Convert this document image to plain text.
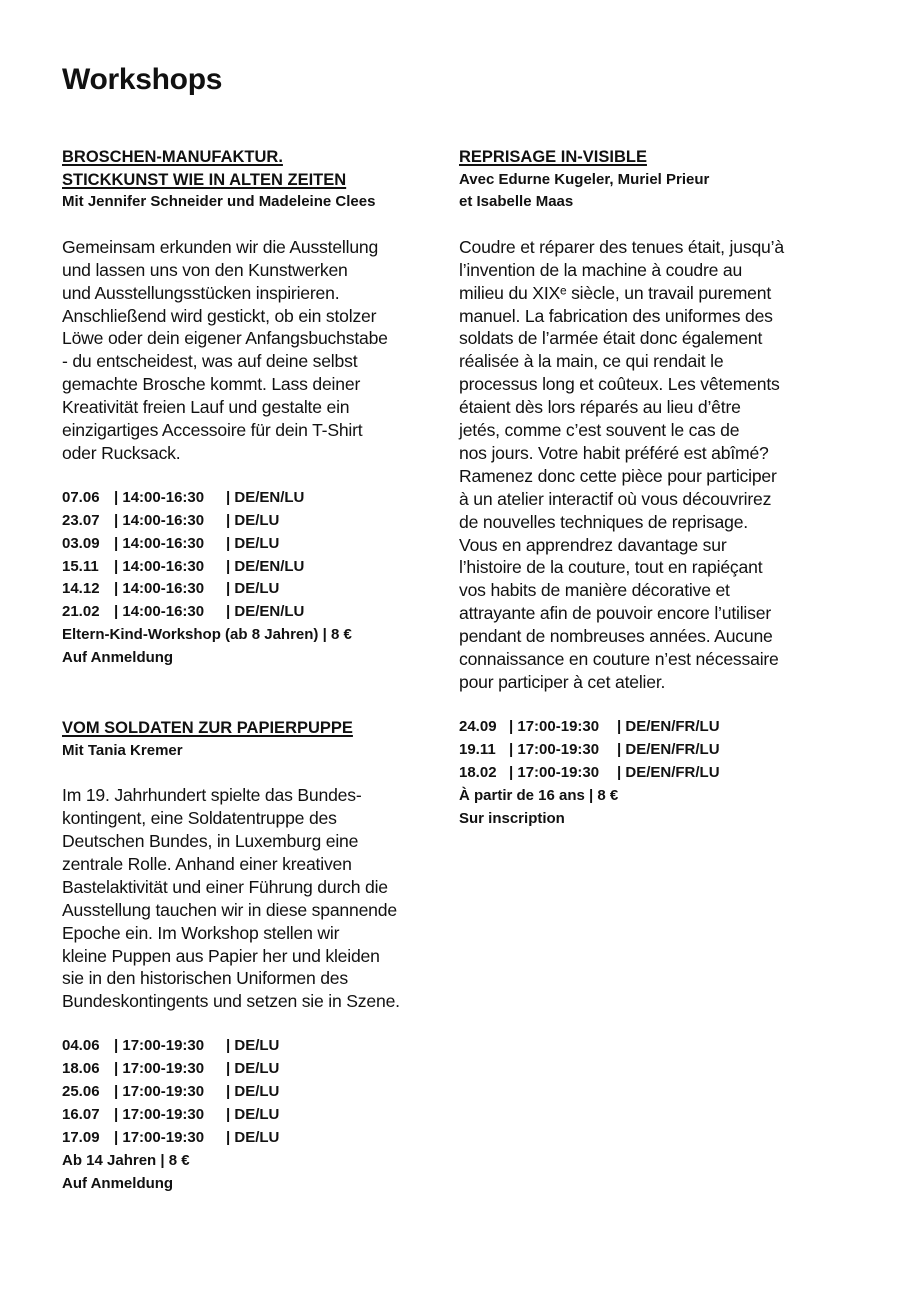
Workshops
BROSCHEN-MANUFAKTUR.
STICKKUNST WIE IN ALTEN ZEITEN
Mit Jennifer Schneider und Madeleine Clees
Gemeinsam erkunden wir die Ausstellung
und lassen uns von den Kunstwerken
und Ausstellungsstücken inspirieren.
Anschließend wird gestickt, ob ein stolzer
Löwe oder dein eigener Anfangsbuchstabe
- du entscheidest, was auf deine selbst
gemachte Brosche kommt. Lass deiner
Kreativität freien Lauf und gestalte ein
einzigartiges Accessoire für dein T-Shirt
oder Rucksack.
07.06 | 14:00-16:30 | DE/EN/LU
23.07 | 14:00-16:30 | DE/LU
03.09 | 14:00-16:30 | DE/LU
15.11 | 14:00-16:30 | DE/EN/LU
14.12 | 14:00-16:30 | DE/LU
21.02 | 14:00-16:30 | DE/EN/LU
Eltern-Kind-Workshop (ab 8 Jahren) | 8 €
Auf Anmeldung
VOM SOLDATEN ZUR PAPIERPUPPE
Mit Tania Kremer
Im 19. Jahrhundert spielte das Bundes-
kontingent, eine Soldatentruppe des
Deutschen Bundes, in Luxemburg eine
zentrale Rolle. Anhand einer kreativen
Bastelaktivität und einer Führung durch die
Ausstellung tauchen wir in diese spannende
Epoche ein. Im Workshop stellen wir
kleine Puppen aus Papier her und kleiden
sie in den historischen Uniformen des
Bundeskontingents und setzen sie in Szene.
04.06 | 17:00-19:30 | DE/LU
18.06 | 17:00-19:30 | DE/LU
25.06 | 17:00-19:30 | DE/LU
16.07 | 17:00-19:30 | DE/LU
17.09 | 17:00-19:30 | DE/LU
Ab 14 Jahren | 8 €
Auf Anmeldung
REPRISAGE IN-VISIBLE
Avec Edurne Kugeler, Muriel Prieur
et Isabelle Maas
Coudre et réparer des tenues était, jusqu’à
l’invention de la machine à coudre au
milieu du XIXᵉ siècle, un travail purement
manuel. La fabrication des uniformes des
soldats de l’armée était donc également
réalisée à la main, ce qui rendait le
processus long et coûteux. Les vêtements
étaient dès lors réparés au lieu d’être
jetés, comme c’est souvent le cas de
nos jours. Votre habit préféré est abîmé?
Ramenez donc cette pièce pour participer
à un atelier interactif où vous découvrirez
de nouvelles techniques de reprisage.
Vous en apprendrez davantage sur
l’histoire de la couture, tout en rapiéçant
vos habits de manière décorative et
attrayante afin de pouvoir encore l’utiliser
pendant de nombreuses années. Aucune
connaissance en couture n’est nécessaire
pour participer à cet atelier.
24.09 | 17:00-19:30 | DE/EN/FR/LU
19.11 | 17:00-19:30 | DE/EN/FR/LU
18.02 | 17:00-19:30 | DE/EN/FR/LU
À partir de 16 ans | 8 €
Sur inscription
